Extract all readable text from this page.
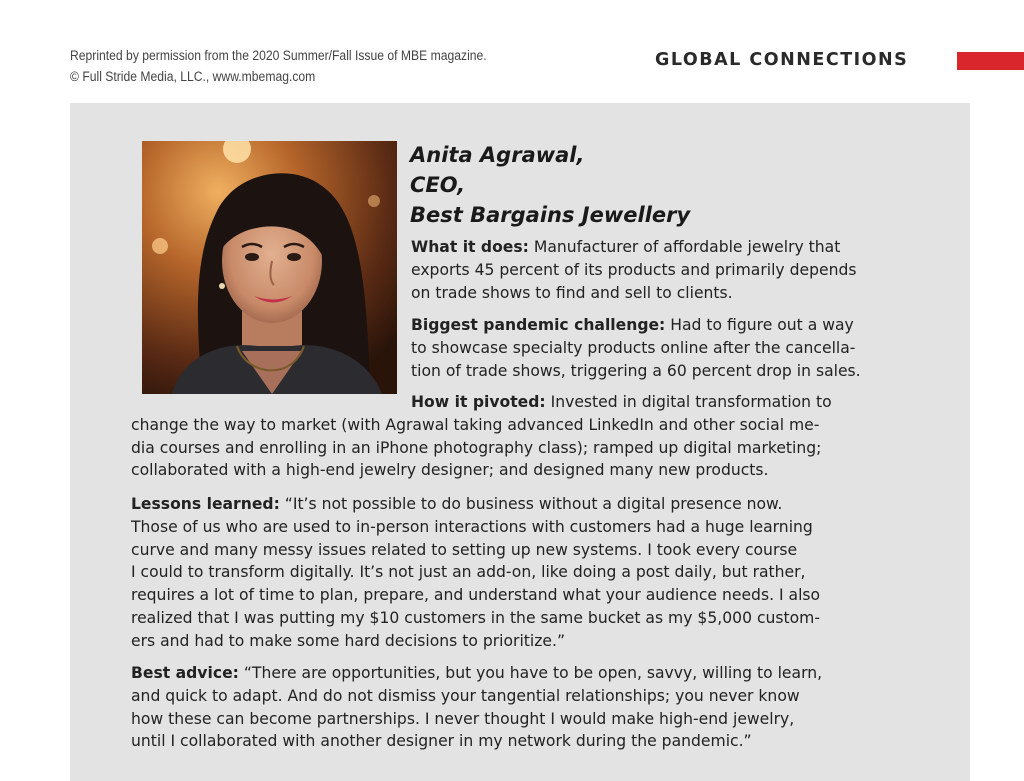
Reprinted by permission from the 2020 Summer/Fall Issue of MBE magazine.
© Full Stride Media, LLC., www.mbemag.com
GLOBAL CONNECTIONS
Anita Agrawal,
CEO,
Best Bargains Jewellery
What it does: Manufacturer of affordable jewelry that
exports 45 percent of its products and primarily depends
on trade shows to find and sell to clients.
Biggest pandemic challenge: Had to figure out a way
to showcase specialty products online after the cancella-
tion of trade shows, triggering a 60 percent drop in sales.
How it pivoted: Invested in digital transformation to
change the way to market (with Agrawal taking advanced LinkedIn and other social me-
dia courses and enrolling in an iPhone photography class); ramped up digital marketing;
collaborated with a high-end jewelry designer; and designed many new products.
Lessons learned: “It’s not possible to do business without a digital presence now.
Those of us who are used to in-person interactions with customers had a huge learning
curve and many messy issues related to setting up new systems. I took every course
I could to transform digitally. It’s not just an add-on, like doing a post daily, but rather,
requires a lot of time to plan, prepare, and understand what your audience needs. I also
realized that I was putting my $10 customers in the same bucket as my $5,000 custom-
ers and had to make some hard decisions to prioritize.”
Best advice: “There are opportunities, but you have to be open, savvy, willing to learn,
and quick to adapt. And do not dismiss your tangential relationships; you never know
how these can become partnerships. I never thought I would make high-end jewelry,
until I collaborated with another designer in my network during the pandemic.”
